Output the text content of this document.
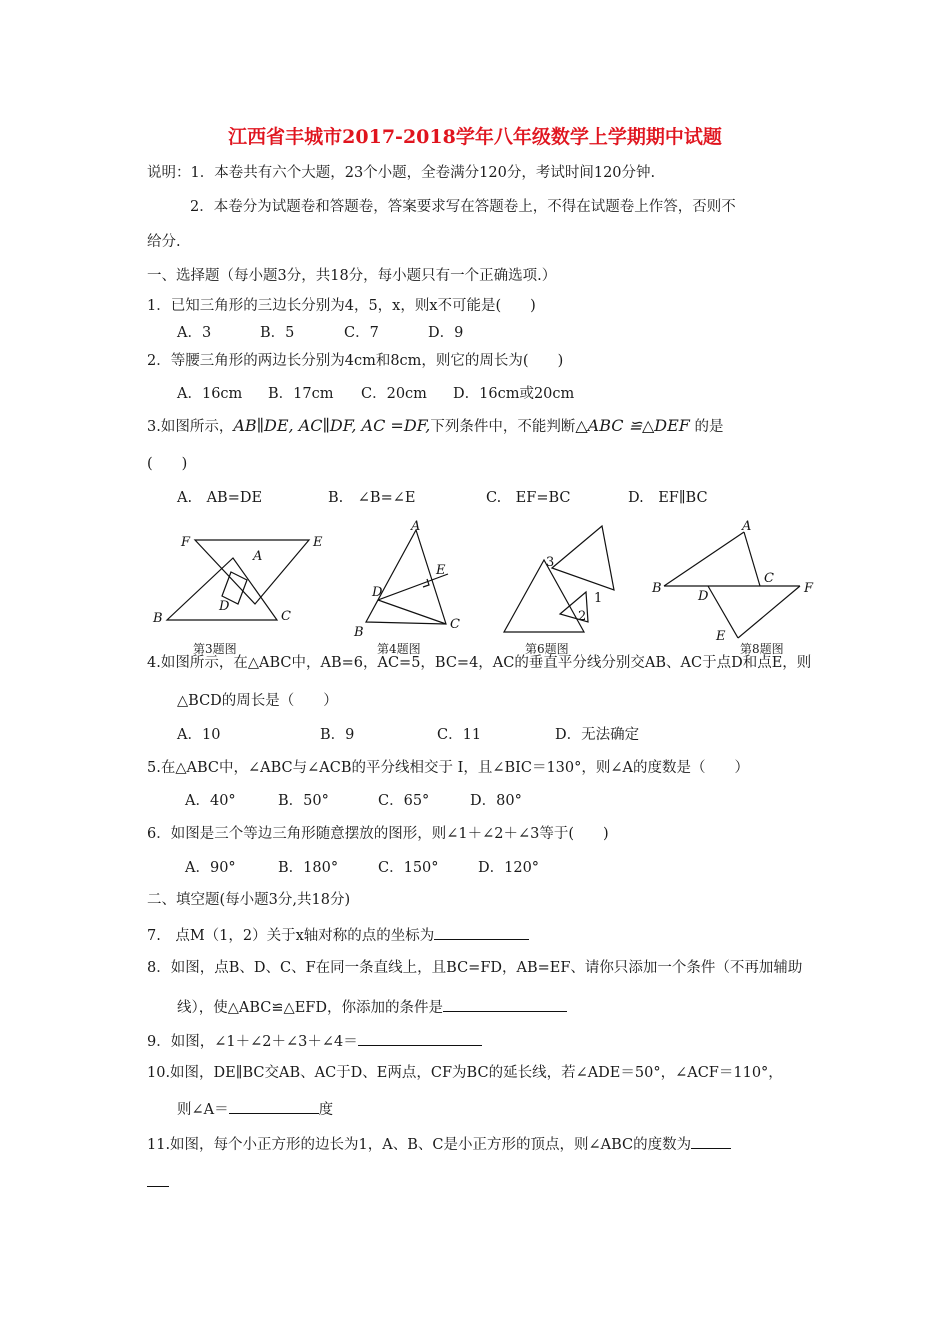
江西省丰城市2017-2018学年八年级数学上学期期中试题
说明：1．本卷共有六个大题，23个小题，全卷满分120分，考试时间120分钟.
2．本卷分为试题卷和答题卷，答案要求写在答题卷上，不得在试题卷上作答，否则不
给分.
一、选择题（每小题3分，共18分，每小题只有一个正确选项.）
1．已知三角形的三边长分别为4，5，x，则x不可能是(　　)
A．3	B．5	C．7	D．9
2．等腰三角形的两边长分别为4cm和8cm，则它的周长为(　　)
A．16cm B．17cm C．20cm D．16cm或20cm
3.如图所示，AB∥DE, AC∥DF, AC =DF,下列条件中，不能判断△ABC ≌△DEF 的是
(　　)
A.　AB=DE	B.　∠B=∠E	C.　EF=BC	D.　EF∥BC
F	E
A
D
B	C
第3题图
A
E
D
B
C
第4题图
3
1
2
第6题图
A
B
C
F
D
E
第8题图
4.如图所示，在△ABC中，AB=6，AC=5，BC=4，AC的垂直平分线分别交AB、AC于点D和点E，则
△BCD的周长是（　　）
A．10	B．9	C．11	D．无法确定
5.在△ABC中，∠ABC与∠ACB的平分线相交于 I，且∠BIC＝130°，则∠A的度数是（　　）
A．40°	B．50°	C．65°	D．80°
6．如图是三个等边三角形随意摆放的图形，则∠1＋∠2＋∠3等于(　　)
A．90°	B．180°	C．150°	D．120°
二、填空题(每小题3分,共18分)
7.　点M（1，2）关于x轴对称的点的坐标为
8．如图，点B、D、C、F在同一条直线上，且BC=FD，AB=EF、请你只添加一个条件（不再加辅助
线），使△ABC≌△EFD，你添加的条件是
9．如图，∠1＋∠2＋∠3＋∠4＝
10.如图，DE∥BC交AB、AC于D、E两点，CF为BC的延长线，若∠ADE＝50°，∠ACF＝110°，
则∠A＝	度
11.如图，每个小正方形的边长为1，A、B、C是小正方形的顶点，则∠ABC的度数为
